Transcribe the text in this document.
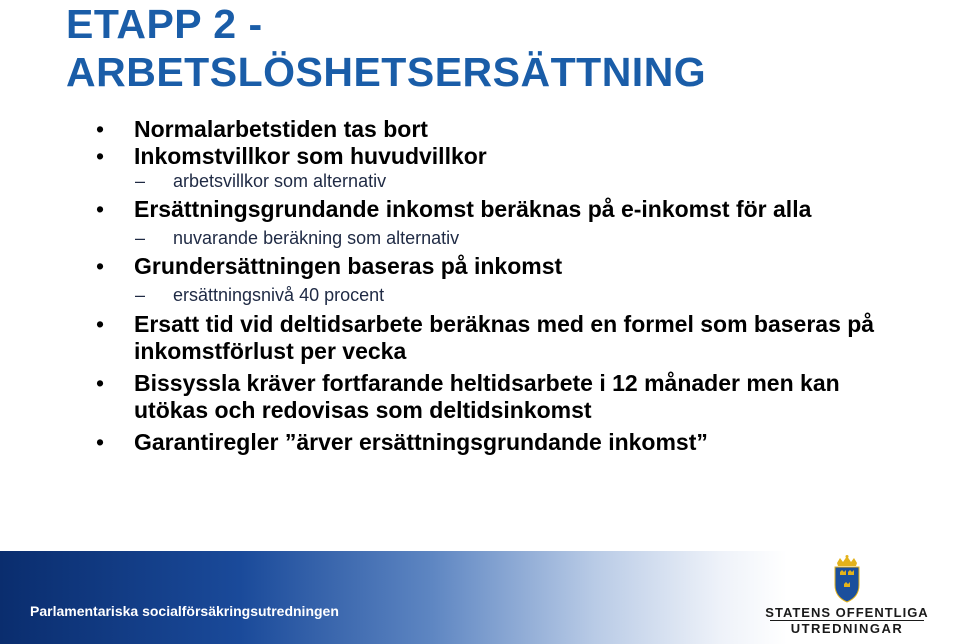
ETAPP 2 -
ARBETSLÖSHETSERSÄTTNING
• Normalarbetstiden tas bort
• Inkomstvillkor som huvudvillkor
– arbetsvillkor som alternativ
• Ersättningsgrundande inkomst beräknas på e-inkomst för alla
– nuvarande beräkning som alternativ
• Grundersättningen baseras på inkomst
– ersättningsnivå 40 procent
• Ersatt tid vid deltidsarbete beräknas med en formel som baseras på inkomstförlust per vecka
• Bissyssla kräver fortfarande heltidsarbete i 12 månader men kan utökas och redovisas som deltidsinkomst
• Garantiregler ”ärver ersättningsgrundande inkomst”
Parlamentariska socialförsäkringsutredningen	STATENS OFFENTLIGA
UTREDNINGAR
